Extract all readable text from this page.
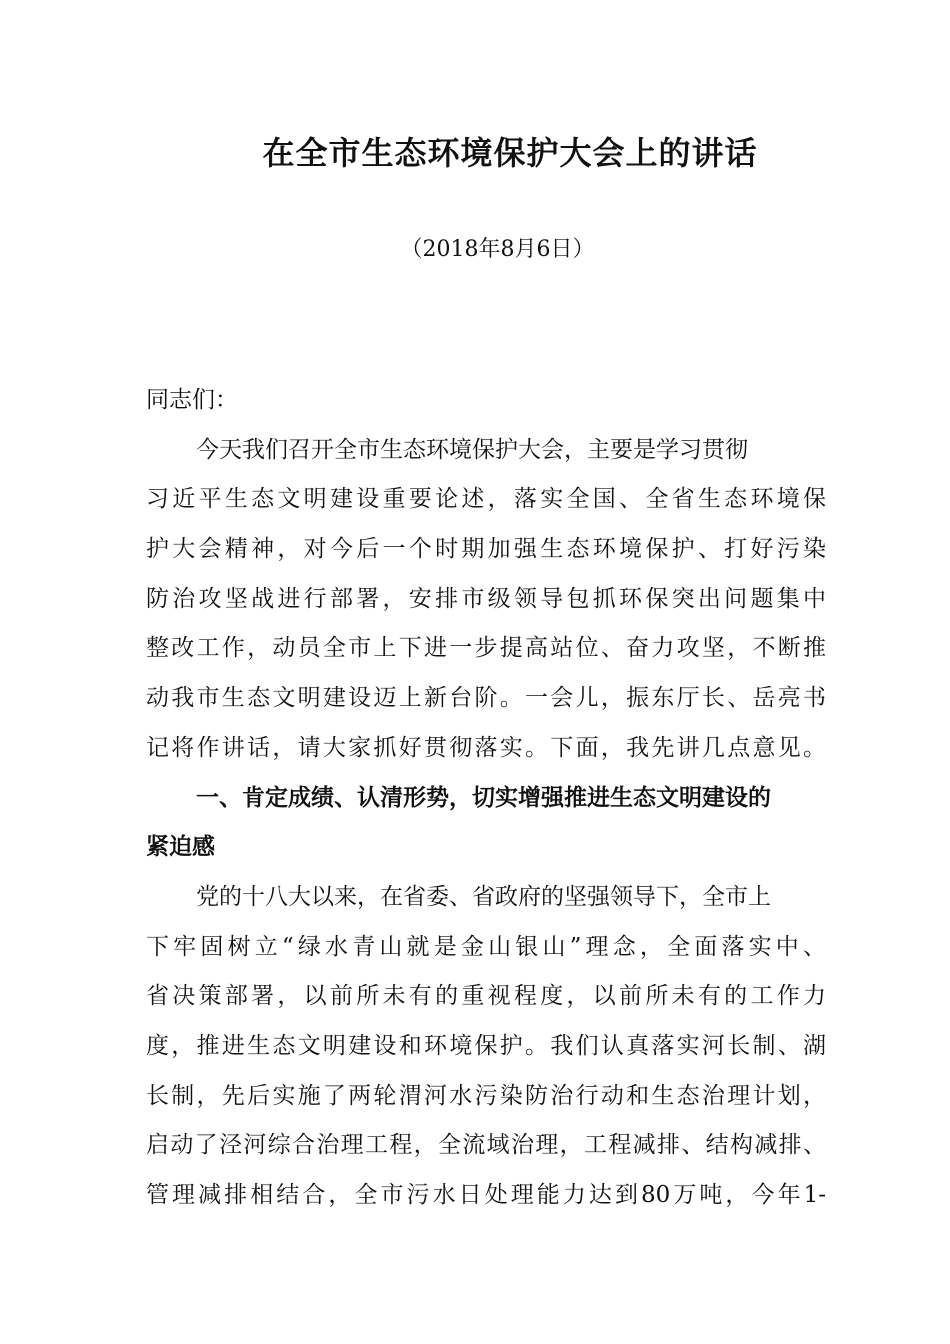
在全市生态环境保护大会上的讲话
（2018年8月6日）
同志们：
今天我们召开全市生态环境保护大会，主要是学习贯彻
习近平生态文明建设重要论述，落实全国、全省生态环境保
护大会精神，对今后一个时期加强生态环境保护、打好污染
防治攻坚战进行部署，安排市级领导包抓环保突出问题集中
整改工作，动员全市上下进一步提高站位、奋力攻坚，不断推
动我市生态文明建设迈上新台阶。一会儿，振东厅长、岳亮书
记将作讲话，请大家抓好贯彻落实。下面，我先讲几点意见。
一、肯定成绩、认清形势，切实增强推进生态文明建设的
紧迫感
党的十八大以来，在省委、省政府的坚强领导下，全市上
下牢固树立“绿水青山就是金山银山”理念，全面落实中、
省决策部署，以前所未有的重视程度，以前所未有的工作力
度，推进生态文明建设和环境保护。我们认真落实河长制、湖
长制，先后实施了两轮渭河水污染防治行动和生态治理计划，
启动了泾河综合治理工程，全流域治理，工程减排、结构减排、
管理减排相结合，全市污水日处理能力达到80万吨，今年1-
